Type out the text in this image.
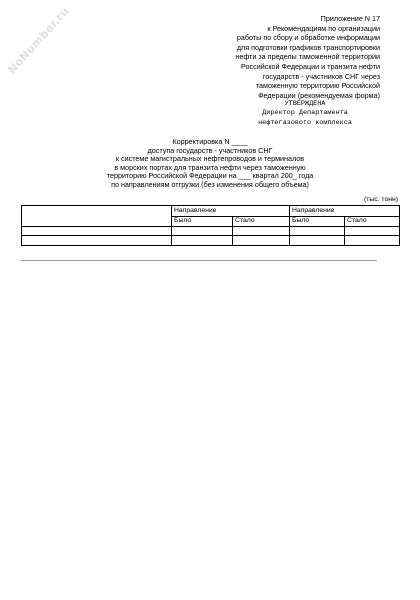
NoNumber.ru	Приложение N 17
к Рекомендациям по организации
работы по сбору и обработке информации
для подготовки графиков транспортировки
нефти за пределы таможенной территории
Российской Федерации и транзита нефти
государств - участников СНГ через
таможенную территорию Российской
Федерации (рекомендуемая форма)
УТВЕРЖДЕНА
Директор Департамента
нефтегазового комплекса
Корректировка N ____
доступа государств - участников СНГ
к системе магистральных нефтепроводов и терминалов
в морских портах для транзита нефти через таможенную
территорию Российской Федерации на ___ квартал 200_ года
по направлениям отгрузки (без изменения общего объема)
(тыс. тонн)
	Направление		Направление	
	Было	Стало	Было	Стало
